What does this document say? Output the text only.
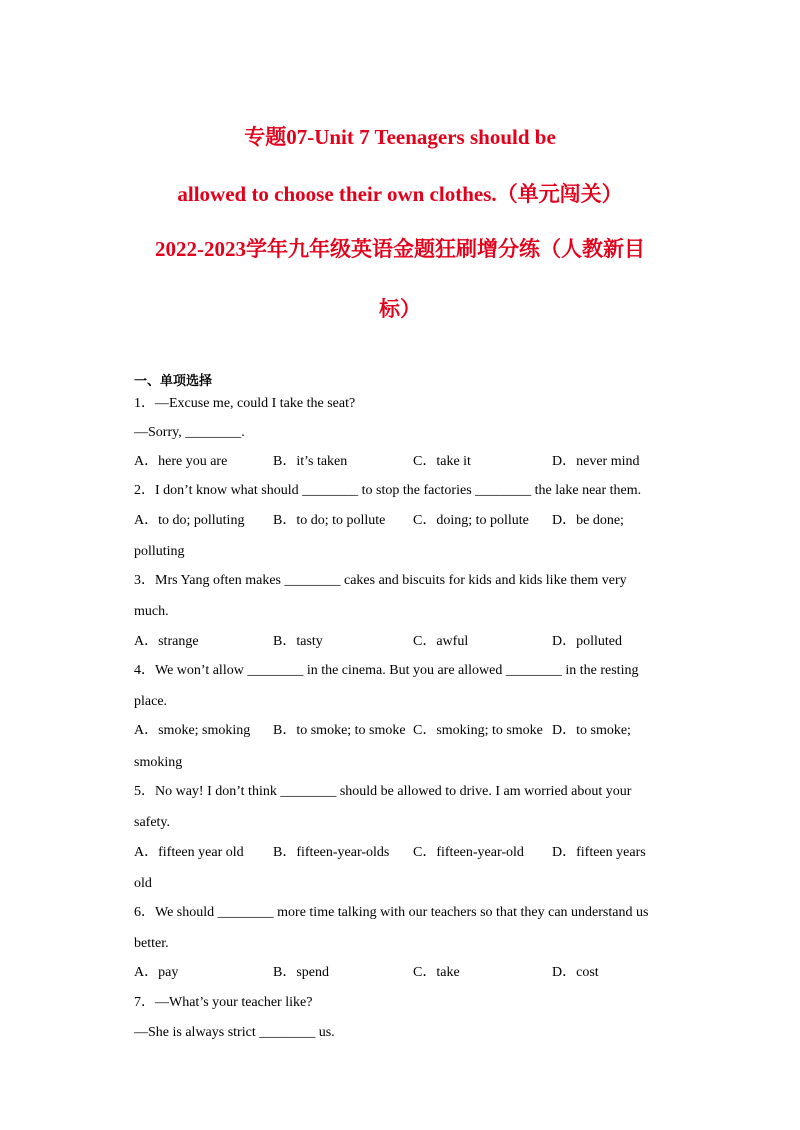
专题07-Unit 7 Teenagers should be
allowed to choose their own clothes.（单元闯关）
2022-2023学年九年级英语金题狂刷增分练（人教新目
标）
一、单项选择
1．—Excuse me, could I take the seat?
—Sorry, ________.
A．here you are	B．it’s taken	C．take it	D．never mind
2．I don’t know what should ________ to stop the factories ________ the lake near them.
A．to do; polluting B．to do; to pollute C．doing; to pollute D．be done;
polluting
3．Mrs Yang often makes ________ cakes and biscuits for kids and kids like them very
much.
A．strange	B．tasty	C．awful	D．polluted
4．We won’t allow ________ in the cinema. But you are allowed ________ in the resting
place.
A．smoke; smoking B．to smoke; to smoke C．smoking; to smoke D．to smoke;
smoking
5．No way! I don’t think ________ should be allowed to drive. I am worried about your
safety.
A．fifteen year old B．fifteen-year-olds C．fifteen-year-old D．fifteen years
old
6．We should ________ more time talking with our teachers so that they can understand us
better.
A．pay	B．spend	C．take	D．cost
7．—What’s your teacher like?
—She is always strict ________ us.
